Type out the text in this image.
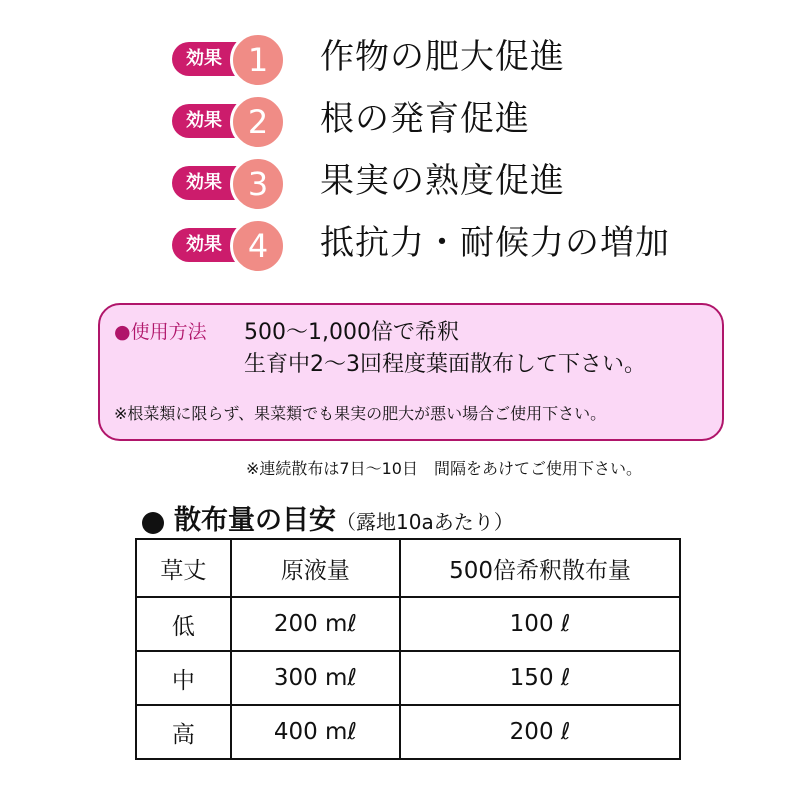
効果 1	作物の肥大促進
効果 2	根の発育促進
効果 3	果実の熟度促進
効果 4	抵抗力・耐候力の増加
●使用方法 500〜1,000倍で希釈
生育中2〜3回程度葉面散布して下さい。
※根菜類に限らず、果菜類でも果実の肥大が悪い場合ご使用下さい。
※連続散布は7日〜10日　間隔をあけてご使用下さい。
散布量の目安（露地10aあたり）
草丈	原液量	500倍希釈散布量
低	200 mℓ	100 ℓ
中	300 mℓ	150 ℓ
高	400 mℓ	200 ℓ
